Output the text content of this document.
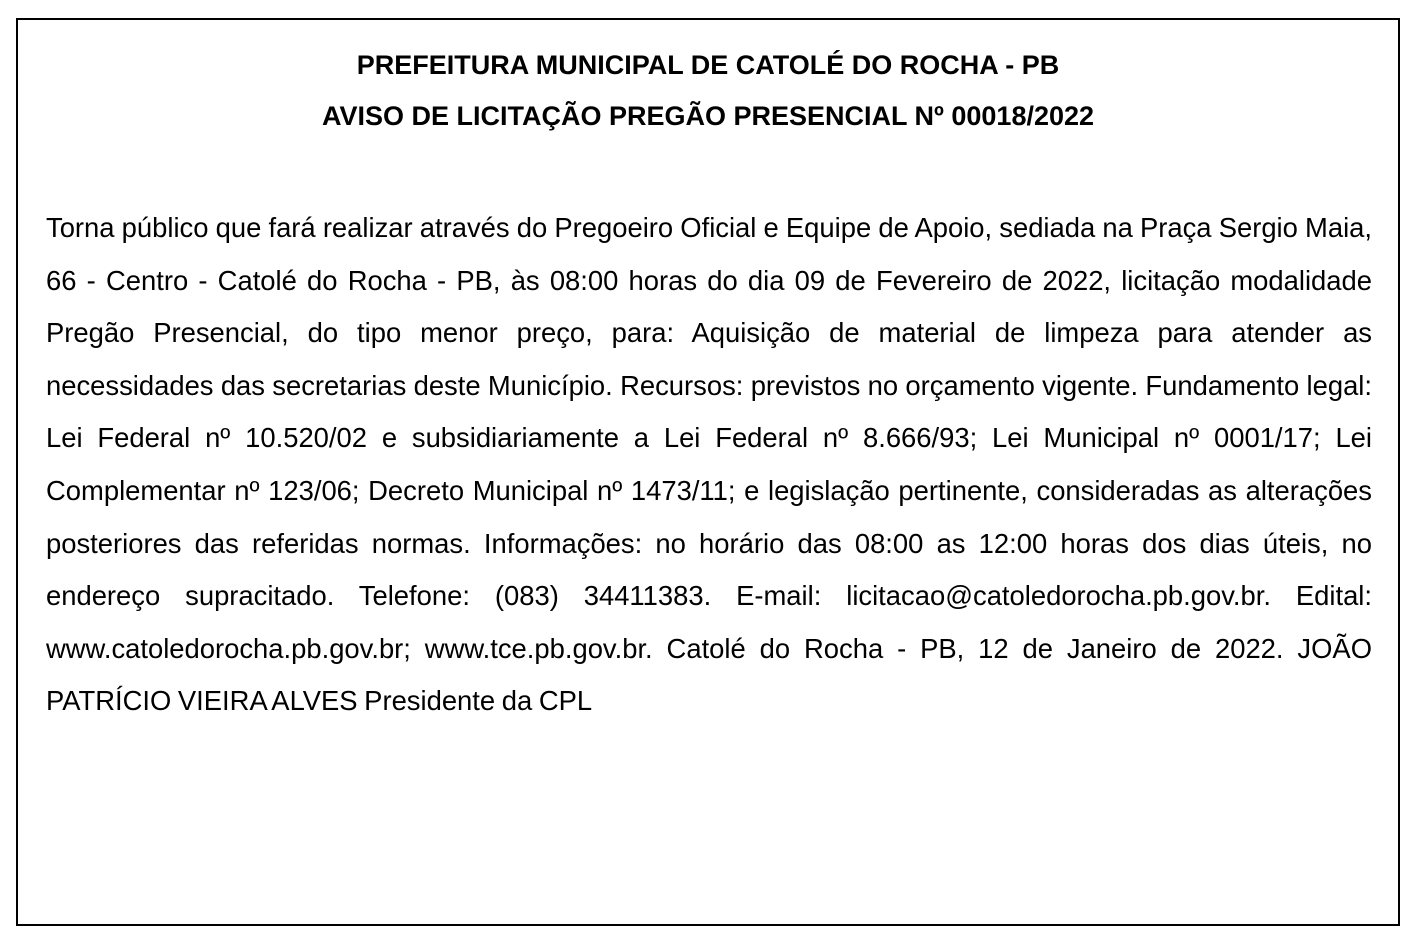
PREFEITURA MUNICIPAL DE CATOLÉ DO ROCHA - PB
AVISO DE LICITAÇÃO PREGÃO PRESENCIAL Nº 00018/2022

Torna público que fará realizar através do Pregoeiro Oficial e Equipe de Apoio, sediada na Praça Sergio Maia, 66 - Centro - Catolé do Rocha - PB, às 08:00 horas do dia 09 de Fevereiro de 2022, licitação modalidade Pregão Presencial, do tipo menor preço, para: Aquisição de material de limpeza para atender as necessidades das secretarias deste Município. Recursos: previstos no orçamento vigente. Fundamento legal: Lei Federal nº 10.520/02 e subsidiariamente a Lei Federal nº 8.666/93; Lei Municipal nº 0001/17; Lei Complementar nº 123/06; Decreto Municipal nº 1473/11; e legislação pertinente, consideradas as alterações posteriores das referidas normas. Informações: no horário das 08:00 as 12:00 horas dos dias úteis, no endereço supracitado. Telefone: (083) 34411383. E-mail: licitacao@catoledorocha.pb.gov.br. Edital: www.catoledorocha.pb.gov.br; www.tce.pb.gov.br. Catolé do Rocha - PB, 12 de Janeiro de 2022. JOÃO PATRÍCIO VIEIRA ALVES Presidente da CPL
